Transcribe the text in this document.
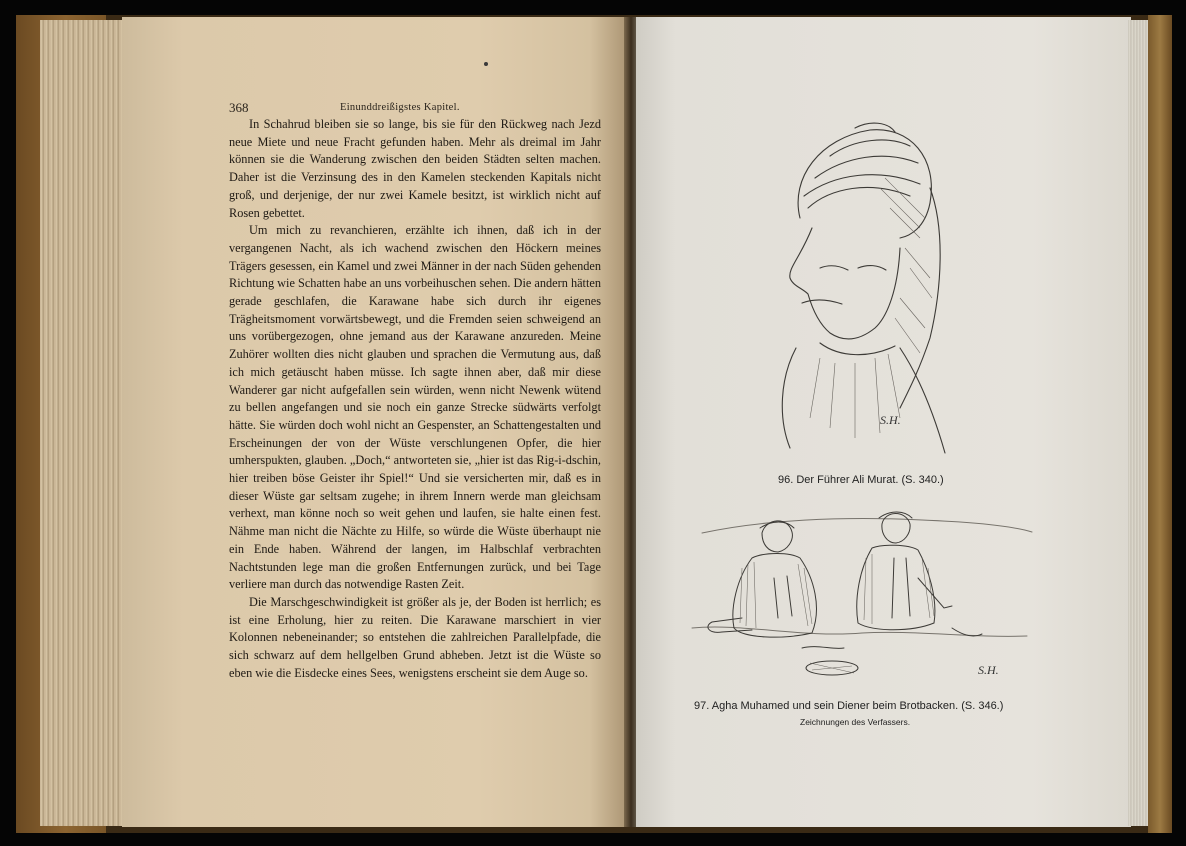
368	Einunddreißigstes Kapitel.

In Schahrud bleiben sie so lange, bis sie für den Rückweg nach Jezd neue Miete und neue Fracht gefunden haben. Mehr als dreimal im Jahr können sie die Wanderung zwischen den beiden Städten selten machen. Daher ist die Verzinsung des in den Kamelen steckenden Kapitals nicht groß, und derjenige, der nur zwei Kamele besitzt, ist wirklich nicht auf Rosen gebettet.

Um mich zu revanchieren, erzählte ich ihnen, daß ich in der vergangenen Nacht, als ich wachend zwischen den Höckern meines Trägers gesessen, ein Kamel und zwei Männer in der nach Süden gehenden Richtung wie Schatten habe an uns vorbeihuschen sehen. Die andern hätten gerade geschlafen, die Karawane habe sich durch ihr eigenes Trägheitsmoment vorwärtsbewegt, und die Fremden seien schweigend an uns vorübergezogen, ohne jemand aus der Karawane anzureden. Meine Zuhörer wollten dies nicht glauben und sprachen die Vermutung aus, daß ich mich getäuscht haben müsse. Ich sagte ihnen aber, daß mir diese Wanderer gar nicht aufgefallen sein würden, wenn nicht Newenk wütend zu bellen angefangen und sie noch ein ganze Strecke südwärts verfolgt hätte. Sie würden doch wohl nicht an Gespenster, an Schattengestalten und Erscheinungen der von der Wüste verschlungenen Opfer, die hier umherspukten, glauben. „Doch,“ antworteten sie, „hier ist das Rig-i-dschin, hier treiben böse Geister ihr Spiel!“ Und sie versicherten mir, daß es in dieser Wüste gar seltsam zugehe; in ihrem Innern werde man gleichsam verhext, man könne noch so weit gehen und laufen, sie halte einen fest. Nähme man nicht die Nächte zu Hilfe, so würde die Wüste überhaupt nie ein Ende haben. Während der langen, im Halbschlaf verbrachten Nachtstunden lege man die großen Entfernungen zurück, und bei Tage verliere man durch das notwendige Rasten Zeit.

Die Marschgeschwindigkeit ist größer als je, der Boden ist herrlich; es ist eine Erholung, hier zu reiten. Die Karawane marschiert in vier Kolonnen nebeneinander; so entstehen die zahlreichen Parallelpfade, die sich schwarz auf dem hellgelben Grund abheben. Jetzt ist die Wüste so eben wie die Eisdecke eines Sees, wenigstens erscheint sie dem Auge so.

S.H.
96. Der Führer Ali Murat. (S. 340.)
S.H.
97. Agha Muhamed und sein Diener beim Brotbacken. (S. 346.)
Zeichnungen des Verfassers.
